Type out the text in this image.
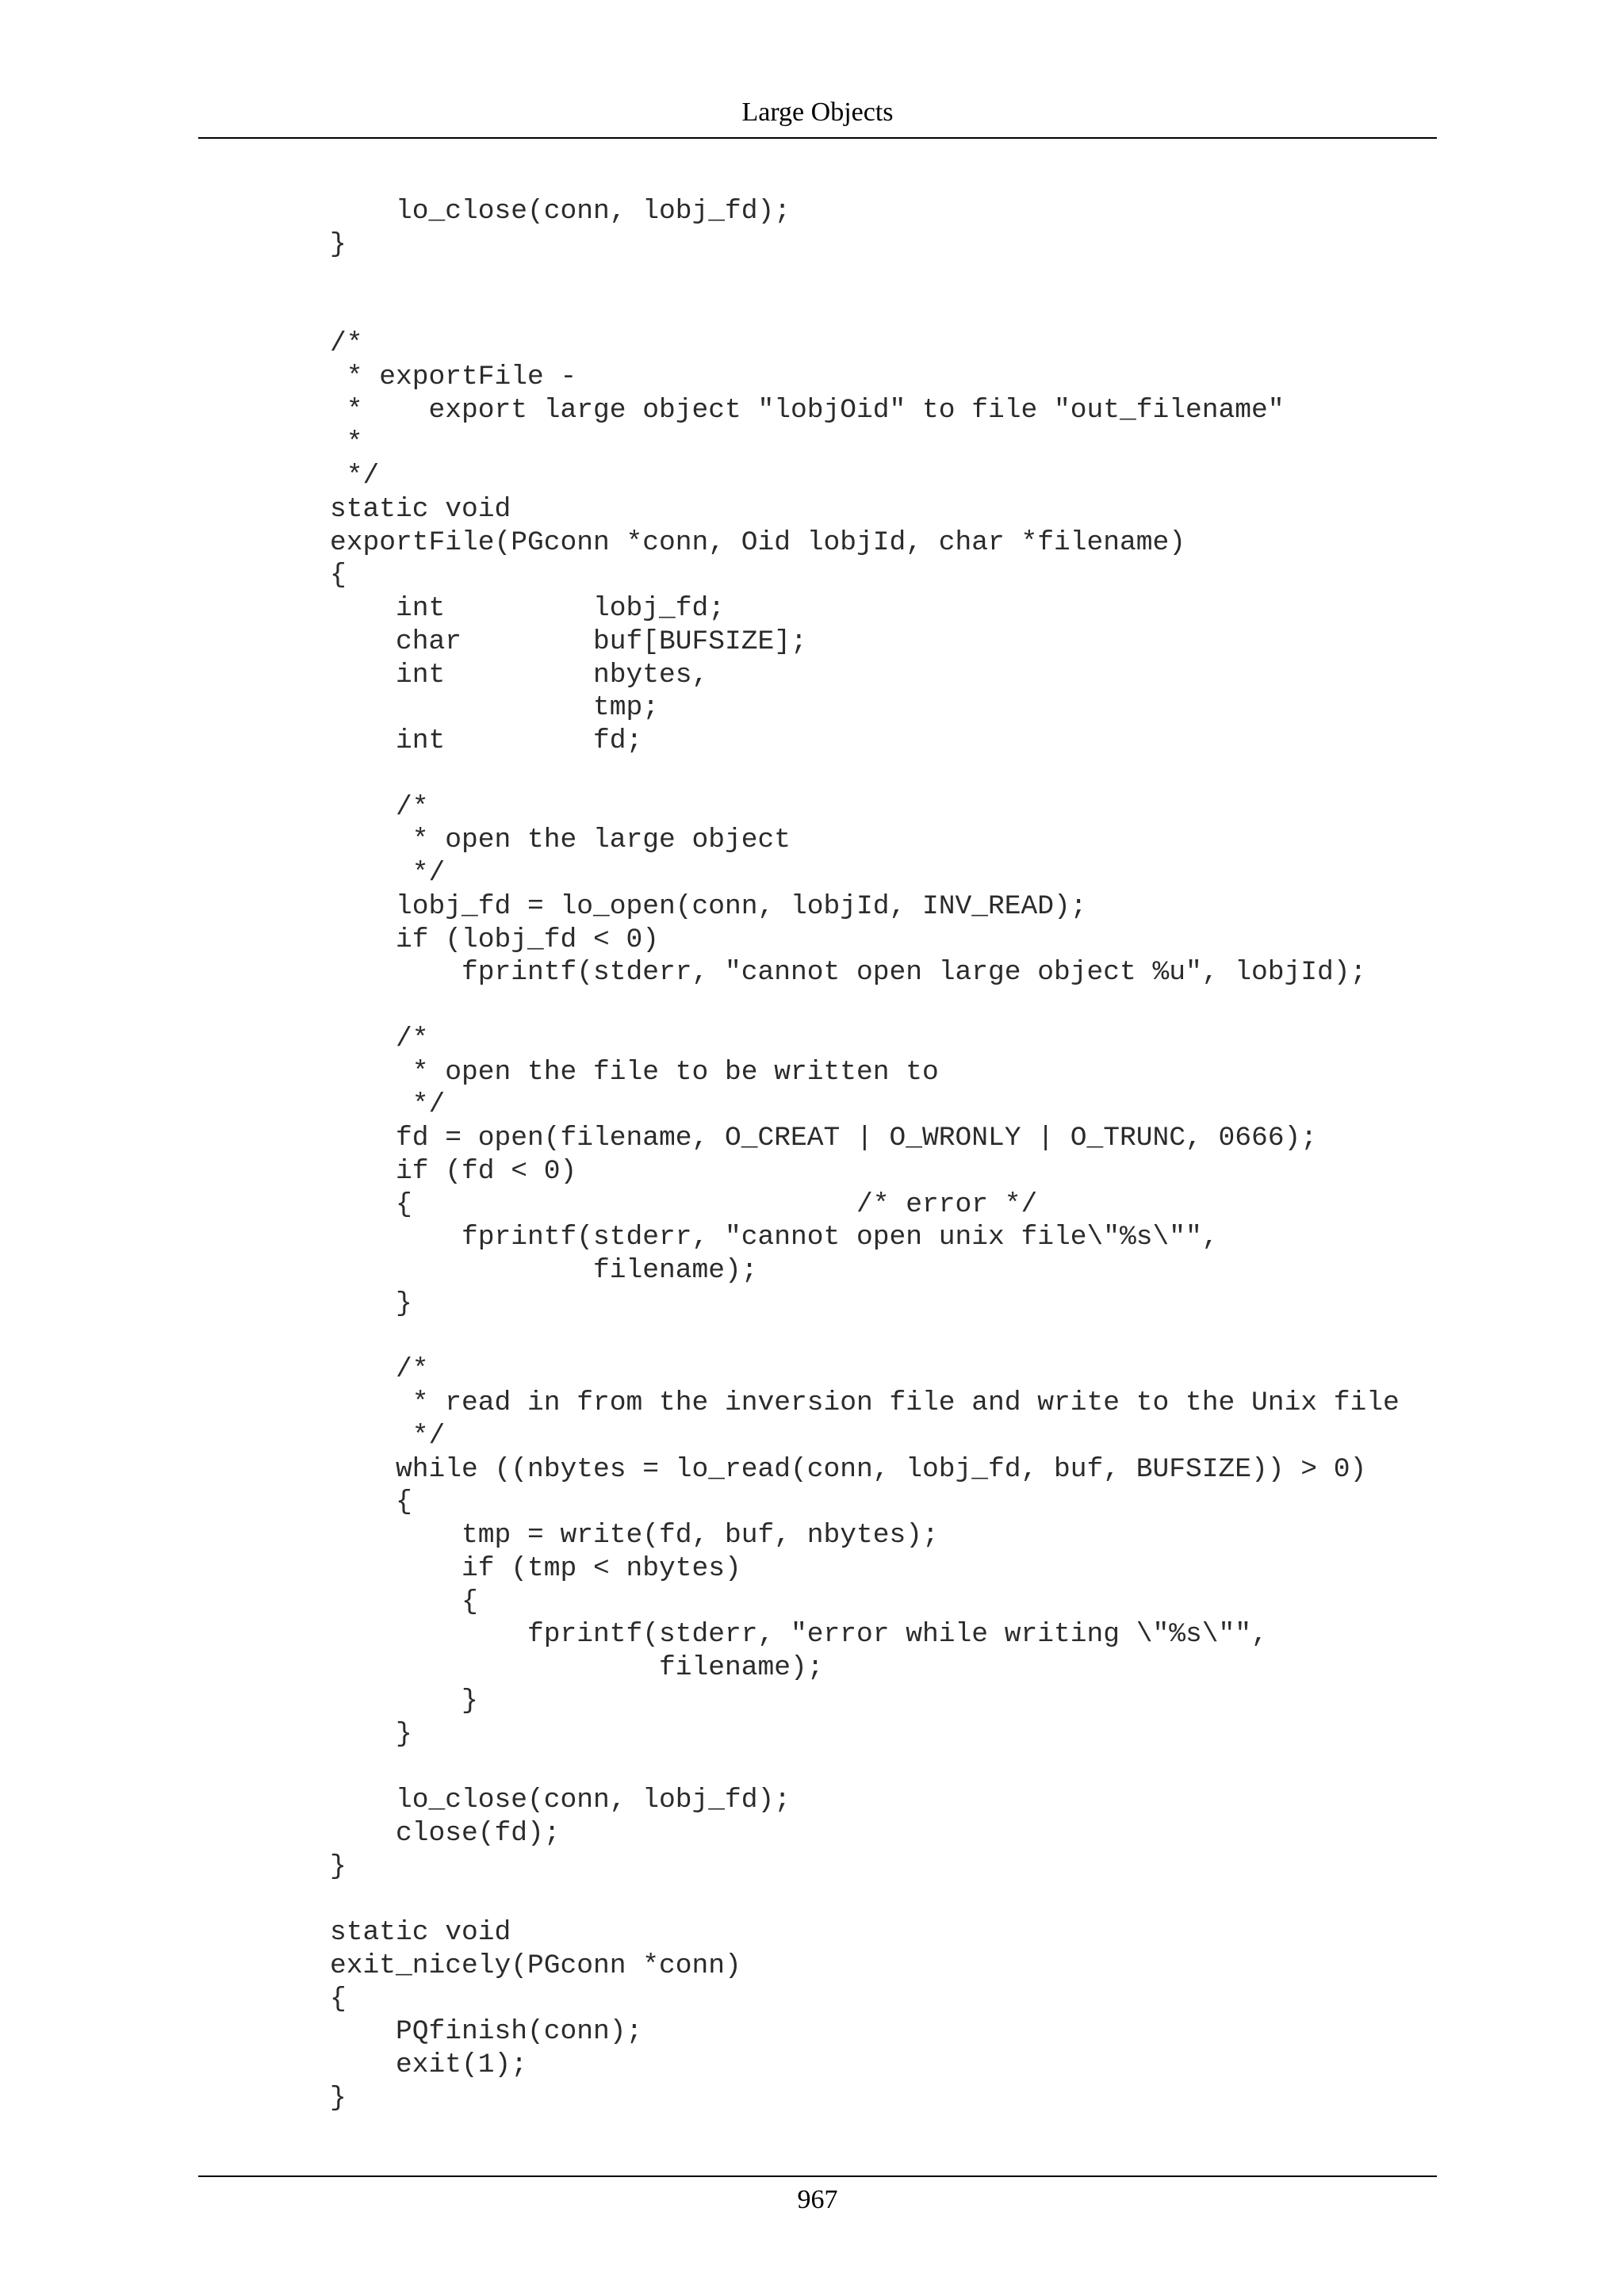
Large Objects
lo_close(conn, lobj_fd);
}
/*
* exportFile -
*    export large object "lobjOid" to file "out_filename"
*
*/
static void
exportFile(PGconn *conn, Oid lobjId, char *filename)
{
int         lobj_fd;
char        buf[BUFSIZE];
int         nbytes,
tmp;
int         fd;
/*
* open the large object
*/
lobj_fd = lo_open(conn, lobjId, INV_READ);
if (lobj_fd < 0)
fprintf(stderr, "cannot open large object %u", lobjId);
/*
* open the file to be written to
*/
fd = open(filename, O_CREAT | O_WRONLY | O_TRUNC, 0666);
if (fd < 0)
{                           /* error */
fprintf(stderr, "cannot open unix file\"%s\"",
filename);
}
/*
* read in from the inversion file and write to the Unix file
*/
while ((nbytes = lo_read(conn, lobj_fd, buf, BUFSIZE)) > 0)
{
tmp = write(fd, buf, nbytes);
if (tmp < nbytes)
{
fprintf(stderr, "error while writing \"%s\"",
filename);
}
}
lo_close(conn, lobj_fd);
close(fd);
}
static void
exit_nicely(PGconn *conn)
{
PQfinish(conn);
exit(1);
}
967
